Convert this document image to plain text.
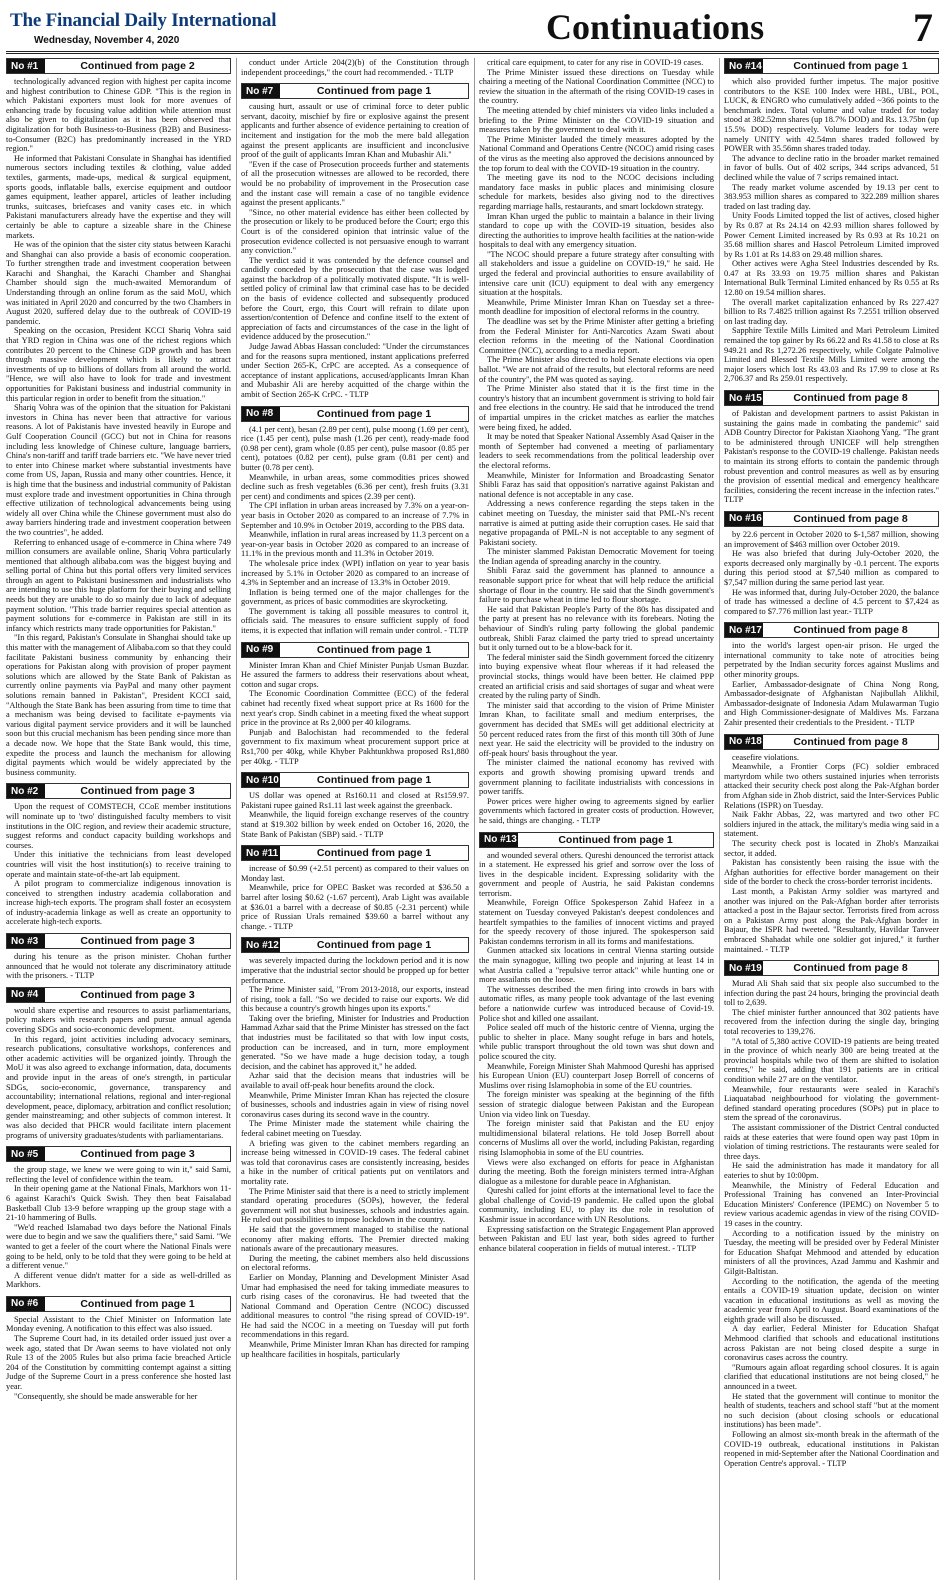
The Financial Daily International
Wednesday, November 4, 2020	Continuations	7
No #1	Continued from page 2

technologically advanced region with highest per capita income and highest contribution to Chinese GDP. "This is the region in which Pakistani exporters must look for more avenues of enhancing trade by focusing value addition while attention must also be given to digitalization as it has been observed that digitalization for both Business-to-Business (B2B) and Business-to-Consumer (B2C) has predominantly increased in the YRD region."

He informed that Pakistani Consulate in Shanghai has identified numerous sectors including textiles & clothing, value added textiles, garments, made-ups, medical & surgical equipment, sports goods, inflatable balls, exercise equipment and outdoor games equipment, leather apparel, articles of leather including trunks, suitcases, briefcases and vanity cases etc. in which Pakistani manufacturers already have the expertise and they will certainly be able to capture a sizeable share in the Chinese markets.

He was of the opinion that the sister city status between Karachi and Shanghai can also provide a basis of economic cooperation. To further strengthen trade and investment cooperation between Karachi and Shanghai, the Karachi Chamber and Shanghai Chamber should sign the much-awaited Memorandum of Understanding through an online forum as the said MoU, which was initiated in April 2020 and concurred by the two Chambers in August 2020, suffered delay due to the outbreak of COVID-19 pandemic.

Speaking on the occasion, President KCCI Shariq Vohra said that YRD region in China was one of the richest regions which contributes 20 percent to the Chinese GDP growth and has been through massive development which is likely to attract investments of up to billions of dollars from all around the world. "Hence, we will also have to look for trade and investment opportunities for Pakistani business and industrial community in this particular region in order to benefit from the situation."

Shariq Vohra was of the opinion that the situation for Pakistani investors in China has never been that attractive for various reasons. A lot of Pakistanis have invested heavily in Europe and Gulf Cooperation Council (GCC) but not in China for reasons including less knowledge of Chinese culture, language barriers, China's non-tariff and tariff trade barriers etc. "We have never tried to enter into Chinese market where substantial investments have come from US, Japan, Russia and many other countries. Hence, it is high time that the business and industrial community of Pakistan must explore trade and investment opportunities in China through effective utilization of technological advancements being using widely all over China while the Chinese government must also do away barriers hindering trade and investment cooperation between the two countries", he added.

Referring to enhanced usage of e-commerce in China where 749 million consumers are available online, Shariq Vohra particularly mentioned that although alibaba.com was the biggest buying and selling portal of China but this portal offers very limited services through an agent to Pakistani businessmen and industrialists who are intending to use this huge platform for their buying and selling needs but they are unable to do so mainly due to lack of adequate payment solution. "This trade barrier requires special attention as payment solutions for e-commerce in Pakistan are still in its infancy which restricts many trade opportunities for Pakistan."

"In this regard, Pakistan's Consulate in Shanghai should take up this matter with the management of Alibaba.com so that they could facilitate Pakistani business community by enhancing their operations for Pakistan along with provision of proper payment solutions which are allowed by the State Bank of Pakistan as currently online payments via PayPal and many other payment solutions remain banned in Pakistan", President KCCI said, "Although the State Bank has been assuring from time to time that a mechanism was being devised to facilitate e-payments via various digital payment service providers and it will be launched soon but this crucial mechanism has been pending since more than a decade now. We hope that the State Bank would, this time, expedite the process and launch the mechanism for allowing digital payments which would be widely appreciated by the business community.

No #2	Continued from page 3

Upon the request of COMSTECH, CCoE member institutions will nominate up to 'two' distinguished faculty members to visit institutions in the OIC region, and review their academic structure, suggest reforms and conduct capacity building workshops and courses.

Under this initiative the technicians from least developed countries will visit the host institution(s) to receive training to operate and maintain state-of-the-art lab equipment.

A pilot program to commercialize indigenous innovation is conceived to strengthen industry academia collaboration and increase high-tech exports. The program shall foster an ecosystem of industry-academia linkage as well as create an opportunity to accelerate high-tech exports.

No #3	Continued from page 3

during his tenure as the prison minister. Chohan further announced that he would not tolerate any discriminatory attitude with the prisoners. - TLTP

No #4	Continued from page 3

would share expertise and resources to assist parliamentarians, policy makers with research papers and pursue annual agenda covering SDGs and socio-economic development.

In this regard, joint activities including advocacy seminars, research publications, consultative workshops, conferences and other academic activities will be organized jointly. Through the MoU it was also agreed to exchange information, data, documents and provide input in the areas of one's strength, in particular SDGs, socio-economic, governance, transparency and accountability; international relations, regional and inter-regional development, peace, diplomacy, arbitration and conflict resolution; gender mainstreaming; and other subjects of common interest. It was also decided that PHCR would facilitate intern placement programs of university graduates/students with parliamentarians.

No #5	Continued from page 3

the group stage, we knew we were going to win it," said Sami, reflecting the level of confidence within the team.

In their opening game at the National Finals, Markhors won 11-6 against Karachi's Quick Swish. They then beat Faisalabad Basketball Club 13-9 before wrapping up the group stage with a 21-10 hammering of Bulls.

"We'd reached Islamabad two days before the National Finals were due to begin and we saw the qualifiers there," said Sami. "We wanted to get a feeler of the court where the National Finals were going to be held, only to be told that they were going to be held at a different venue."

A different venue didn't matter for a side as well-drilled as Markhors.

No #6	Continued from page 1

Special Assistant to the Chief Minister on Information late Monday evening. A notification to this effect was also issued.

The Supreme Court had, in its detailed order issued just over a week ago, stated that Dr Awan seems to have violated not only Rule 13 of the 2005 Rules but also prima facie breached Article 204 of the Constitution by committing contempt against a sitting Judge of the Supreme Court in a press conference she hosted last year.

"Consequently, she should be made answerable for her

conduct under Article 204(2)(b) of the Constitution through independent proceedings," the court had recommended. - TLTP

No #7	Continued from page 1

causing hurt, assault or use of criminal force to deter public servant, dacoity, mischief by fire or explosive against the present applicants and further absence of evidence pertaining to creation of incitement and instigation for the mob the mere bald allegation against the present applicants are insufficient and inconclusive proof of the guilt of applicants Imran Khan and Mubashir Ali."

"Even if the case of Prosecution proceeds further and statements of all the prosecution witnesses are allowed to be recorded, there would be no probability of improvement in the Prosecution case and the instant case will remain a case of no tangible evidence against the present applicants."

"Since, no other material evidence has either been collected by the prosecution or likely to be produced before the Court; ergo this Court is of the considered opinion that intrinsic value of the prosecution evidence collected is not persuasive enough to warrant any conviction."

The verdict said it was contended by the defence counsel and candidly conceded by the prosecution that the case was lodged against the backdrop of a politically motivated dispute. "It is well-settled policy of criminal law that criminal case has to be decided on the basis of evidence collected and subsequently produced before the Court, ergo, this Court will refrain to dilate upon assertion/contention of Defence and confine itself to the extent of appreciation of facts and circumstances of the case in the light of evidence adduced by the prosecution."

Judge Jawad Abbas Hassan concluded: "Under the circumstances and for the reasons supra mentioned, instant applications preferred under Section 265-K, CrPC are accepted. As a consequence of acceptance of instant applications, accused/applicants Imran Khan and Mubashir Ali are hereby acquitted of the charge within the ambit of Section 265-K CrPC. - TLTP

No #8	Continued from page 1

(4.1 per cent), besan (2.89 per cent), pulse moong (1.69 per cent), rice (1.45 per cent), pulse mash (1.26 per cent), ready-made food (0.98 per cent), gram whole (0.85 per cent), pulse masoor (0.85 per cent), potatoes (0.82 per cent), pulse gram (0.81 per cent) and butter (0.78 per cent).

Meanwhile, in urban areas, some commodities prices showed decline such as fresh vegetables (6.36 per cent), fresh fruits (3.31 per cent) and condiments and spices (2.39 per cent).

The CPI inflation in urban areas increased by 7.3% on a year-on-year basis in October 2020 as compared to an increase of 7.7% in September and 10.9% in October 2019, according to the PBS data.

Meanwhile, inflation in rural areas increased by 11.3 percent on a year-on-year basis in October 2020 as compared to an increase of 11.1% in the previous month and 11.3% in October 2019.

The wholesale price index (WPI) inflation on year to year basis increased by 5.1% in October 2020 as compared to an increase of 4.3% in September and an increase of 13.3% in October 2019.

Inflation is being termed one of the major challenges for the government, as prices of basic commodities are skyrocketing.

The government is taking all possible measures to control it, officials said. The measures to ensure sufficient supply of food items, it is expected that inflation will remain under control. - TLTP

No #9	Continued from page 1

Minister Imran Khan and Chief Minister Punjab Usman Buzdar. He assured the farmers to address their reservations about wheat, cotton and sugar crops.

The Economic Coordination Committee (ECC) of the federal cabinet had recently fixed wheat support price at Rs 1600 for the next year's crop. Sindh cabinet in a meeting fixed the wheat support price in the province at Rs 2,000 per 40 kilograms.

Punjab and Balochistan had recommended to the federal government to fix maximum wheat procurement support price at Rs1,700 per 40kg, while Khyber Pakhtunkhwa proposed Rs1,880 per 40kg. - TLTP

No #10	Continued from page 1

US dollar was opened at Rs160.11 and closed at Rs159.97. Pakistani rupee gained Rs1.11 last week against the greenback.

Meanwhile, the liquid foreign exchange reserves of the country stand at $19.302 billion by week ended on October 16, 2020, the State Bank of Pakistan (SBP) said. - TLTP

No #11	Continued from page 1

increase of $0.99 (+2.51 percent) as compared to their values on Monday last.

Meanwhile, price for OPEC Basket was recorded at $36.50 a barrel after losing $0.62 (-1.67 percent), Arab Light was available at $36.01 a barrel with a decrease of $0.85 (-2.31 percent) while price of Russian Urals remained $39.60 a barrel without any change. - TLTP

No #12	Continued from page 1

was severely impacted during the lockdown period and it is now imperative that the industrial sector should be propped up for better performance.

The Prime Minister said, "From 2013-2018, our exports, instead of rising, took a fall. "So we decided to raise our exports. We did this because a country's growth hinges upon its exports."

Taking over the briefing, Minister for Industries and Production Hammad Azhar said that the Prime Minister has stressed on the fact that industries must be facilitated so that with low input costs, production can be increased, and in turn, more employment generated. "So we have made a huge decision today, a tough decision, and the cabinet has approved it," he added.

Azhar said that the decision means that industries will be available to avail off-peak hour benefits around the clock.

Meanwhile, Prime Minister Imran Khan has rejected the closure of businesses, schools and industries again in view of rising novel coronavirus cases during its second wave in the country.

The Prime Minister made the statement while chairing the federal cabinet meeting on Tuesday.

A briefing was given to the cabinet members regarding an increase being witnessed in COVID-19 cases. The federal cabinet was told that coronavirus cases are consistently increasing, besides a hike in the number of critical patients put on ventilators and mortality rate.

The Prime Minister said that there is a need to strictly implement standard operating procedures (SOPs), however, the federal government will not shut businesses, schools and industries again. He ruled out possibilities to impose lockdown in the country.

He said that the government managed to stabilise the national economy after making efforts. The Premier directed making nationals aware of the precautionary measures.

During the meeting, the cabinet members also held discussions on electoral reforms.

Earlier on Monday, Planning and Development Minister Asad Umar had emphasised the need for taking immediate measures to curb rising cases of the coronavirus. He had tweeted that the National Command and Operation Centre (NCOC) discussed additional measures to control "the rising spread of COVID-19". He had said the NCOC in a meeting on Tuesday will put forth recommendations in this regard.

Meanwhile, Prime Minister Imran Khan has directed for ramping up healthcare facilities in hospitals, particularly

critical care equipment, to cater for any rise in COVID-19 cases.

The Prime Minister issued these directions on Tuesday while chairing a meeting of the National Coordination Committee (NCC) to review the situation in the aftermath of the rising COVID-19 cases in the country.

The meeting attended by chief ministers via video links included a briefing to the Prime Minister on the COVID-19 situation and measures taken by the government to deal with it.

The Prime Minister lauded the timely measures adopted by the National Command and Operations Centre (NCOC) amid rising cases of the virus as the meeting also approved the decisions announced by the top forum to deal with the COVID-19 situation in the country.

The meeting gave its nod to the NCOC decisions including mandatory face masks in public places and minimising closure schedule for markets, besides also giving nod to the directives regarding marriage halls, restaurants, and smart lockdown strategy.

Imran Khan urged the public to maintain a balance in their living standard to cope up with the COVID-19 situation, besides also directing the authorities to improve health facilities at the nation-wide hospitals to deal with any emergency situation.

"The NCOC should prepare a future strategy after consulting with all stakeholders and issue a guideline on COVID-19," he said. He urged the federal and provincial authorities to ensure availability of intensive care unit (ICU) equipment to deal with any emergency situation at the hospitals.

Meanwhile, Prime Minister Imran Khan on Tuesday set a three-month deadline for imposition of electoral reforms in the country.

The deadline was set by the Prime Minister after getting a briefing from the Federal Minister for Anti-Narcotics Azam Swati about election reforms in the meeting of the National Coordination Committee (NCC), according to a media report.

The Prime Minister also directed to hold Senate elections via open ballot. "We are not afraid of the results, but electoral reforms are need of the country", the PM was quoted as saying.

The Prime Minister also stated that it is the first time in the country's history that an incumbent government is striving to hold fair and free elections in the country. He said that he introduced the trend of impartial umpires in the cricket matches as earlier the matches were being fixed, he added.

It may be noted that Speaker National Assembly Asad Qaiser in the month of September had convened a meeting of parliamentary leaders to seek recommendations from the political leadership over the electoral reforms.

Meanwhile, Minister for Information and Broadcasting Senator Shibli Faraz has said that opposition's narrative against Pakistan and national defence is not acceptable in any case.

Addressing a news conference regarding the steps taken in the cabinet meeting on Tuesday, the minister said that PML-N's recent narrative is aimed at putting aside their corruption cases. He said that negative propaganda of PML-N is not acceptable to any segment of Pakistani society.

The minister slammed Pakistan Democratic Movement for toeing the Indian agenda of spreading anarchy in the country.

Shibli Faraz said the government has planned to announce a reasonable support price for wheat that will help reduce the artificial shortage of flour in the country. He said that the Sindh government's failure to purchase wheat in time led to flour shortage.

He said that Pakistan People's Party of the 80s has dissipated and the party at present has no relevance with its forebears. Noting the behaviour of Sindh's ruling party following the global pandemic outbreak, Shibli Faraz claimed the party tried to spread uncertainty but it only turned out to be a blow-back for it.

The federal minister said the Sindh government forced the citizenry into buying expensive wheat flour whereas if it had released the provincial stocks, things would have been better. He claimed PPP created an artificial crisis and said shortages of sugar and wheat were created by the ruling party of Sindh.

The minister said that according to the vision of Prime Minister Imran Khan, to facilitate small and medium enterprises, the government has decided that SMEs will get additional electricity at 50 percent reduced rates from the first of this month till 30th of June next year. He said the electricity will be provided to the industry on off-peak hours' basis throughout the year.

The minister claimed the national economy has revived with exports and growth showing promising upward trends and government planning to facilitate industrialists with concessions in power tariffs.

Power prices were higher owing to agreements signed by earlier governments which factored in greater costs of production. However, he said, things are changing. - TLTP

No #13	Continued from page 1

and wounded several others. Qureshi denounced the terrorist attack in a statement. He expressed his grief and sorrow over the loss of lives in the despicable incident. Expressing solidarity with the government and people of Austria, he said Pakistan condemns terrorism.

Meanwhile, Foreign Office Spokesperson Zahid Hafeez in a statement on Tuesday conveyed Pakistan's deepest condolences and heartfelt sympathies to the families of innocent victims and prayed for the speedy recovery of those injured. The spokesperson said Pakistan condemns terrorism in all its forms and manifestations.

Gunmen attacked six locations in central Vienna starting outside the main synagogue, killing two people and injuring at least 14 in what Austria called a "repulsive terror attack" while hunting one or more assailants on the loose.

The witnesses described the men firing into crowds in bars with automatic rifles, as many people took advantage of the last evening before a nationwide curfew was introduced because of Covid-19. Police shot and killed one assailant.

Police sealed off much of the historic centre of Vienna, urging the public to shelter in place. Many sought refuge in bars and hotels, while public transport throughout the old town was shut down and police scoured the city.

Meanwhile, Foreign Minister Shah Mahmood Qureshi has apprised his European Union (EU) counterpart Josep Borrell of concerns of Muslims over rising Islamophobia in some of the EU countries.

The foreign minister was speaking at the beginning of the fifth session of strategic dialogue between Pakistan and the European Union via video link on Tuesday.

The foreign minister said that Pakistan and the EU enjoy multidimensional bilateral relations. He told Josep Borrell about concerns of Muslims all over the world, including Pakistan, regarding rising Islamophobia in some of the EU countries.

Views were also exchanged on efforts for peace in Afghanistan during the meeting. Both the foreign ministers termed intra-Afghan dialogue as a milestone for durable peace in Afghanistan.

Qureshi called for joint efforts at the international level to face the global challenge of Covid-19 pandemic. He called upon the global community, including EU, to play its due role in resolution of Kashmir issue in accordance with UN Resolutions.

Expressing satisfaction on the Strategic Engagement Plan approved between Pakistan and EU last year, both sides agreed to further enhance bilateral cooperation in fields of mutual interest. - TLTP

No #14	Continued from page 1

which also provided further impetus. The major positive contributors to the KSE 100 Index were HBL, UBL, POL, LUCK, & ENGRO who cumulatively added ~366 points to the benchmark index. Total volume and value traded for today stood at 382.52mn shares (up 18.7% DOD) and Rs. 13.75bn (up 15.5% DOD) respectively. Volume leaders for today were namely UNITY with 42.54mn shares traded followed by POWER with 35.56mn shares traded today.

The advance to decline ratio in the broader market remained in favor of bulls. Out of 402 scrips, 344 scrips advanced, 51 declined while the value of 7 scrips remained intact.

The ready market volume ascended by 19.13 per cent to 383.953 million shares as compared to 322.289 million shares traded on last trading day.

Unity Foods Limited topped the list of actives, closed higher by Rs 0.87 at Rs 24.14 on 42.93 million shares followed by Power Cement Limited increased by Rs 0.93 at Rs 10.21 on 35.68 million shares and Hascol Petroleum Limited improved by Rs 1.01 at Rs 14.83 on 29.48 million shares.

Other actives were Agha Steel Industries descended by Rs. 0.47 at Rs 33.93 on 19.75 million shares and Pakistan International Bulk Terminal Limited enhanced by Rs 0.55 at Rs 12.80 on 19.54 million shares.

The overall market capitalization enhanced by Rs 227.427 billion to Rs 7.4825 trillion against Rs 7.2551 trillion observed on last trading day.

Sapphire Textile Mills Limited and Mari Petroleum Limited remained the top gainer by Rs 66.22 and Rs 41.58 to close at Rs 949.21 and Rs 1,272.26 respectively, while Colgate Palmolive Limited and Blessed Textile Mills Limited were among the major losers which lost Rs 43.03 and Rs 17.99 to close at Rs 2,706.37 and Rs 259.01 respectively.

No #15	Continued from page 8

of Pakistan and development partners to assist Pakistan in sustaining the gains made in combating the pandemic" said ADB Country Director for Pakistan Xiaohong Yang. "The grant to be administered through UNICEF will help strengthen Pakistan's response to the COVID-19 challenge. Pakistan needs to maintain its strong efforts to contain the pandemic through robust prevention and control measures as well as by ensuring the provision of essential medical and emergency healthcare facilities, considering the recent increase in the infection rates." TLTP

No #16	Continued from page 8

by 22.6 percent in October 2020 to $-1,587 million, showing an improvement of $463 million over October 2019.

He was also briefed that during July-October 2020, the exports decreased only marginally by -0.1 percent. The exports during this period stood at $7,540 million as compared to $7,547 million during the same period last year.

He was informed that, during July-October 2020, the balance of trade has witnessed a decline of 4.5 percent to $7,424 as compared to $7.776 million last year.- TLTP

No #17	Continued from page 8

into the world's largest open-air prison. He urged the international community to take note of atrocities being perpetrated by the Indian security forces against Muslims and other minority groups.

Earlier, Ambassador-designate of China Nong Rong, Ambassador-designate of Afghanistan Najibullah Alikhil, Ambassador-designate of Indonesia Adam Mulawarman Tugio and High Commissioner-designate of Maldives Ms. Farzana Zahir presented their credentials to the President. - TLTP

No #18	Continued from page 8

ceasefire violations.

Meanwhile, a Frontier Corps (FC) soldier embraced martyrdom while two others sustained injuries when terrorists attacked their security check post along the Pak-Afghan border from Afghan side in Zhob district, said the Inter-Services Public Relations (ISPR) on Tuesday.

Naik Fakhr Abbas, 22, was martyred and two other FC soldiers injured in the attack, the military's media wing said in a statement.

The security check post is located in Zhob's Manzaikai sector, it added.

Pakistan has consistently been raising the issue with the Afghan authorities for effective border management on their side of the border to check the cross-border terrorist incidents.

Last month, a Pakistan Army soldier was martyred and another was injured on the Pak-Afghan border after terrorists attacked a post in the Bajaur sector. Terrorists fired from across on a Pakistan Army post along the Pak-Afghan border in Bajaur, the ISPR had tweeted. "Resultantly, Havildar Tanveer embraced Shahadat while one soldier got injured," it further maintained. - TLTP

No #19	Continued from page 8

Murad Ali Shah said that six people also succumbed to the infection during the past 24 hours, bringing the provincial death toll to 2,639.

The chief minister further announced that 302 patients have recovered from the infection during the single day, bringing total recoveries to 139,276.

"A total of 5,380 active COVID-19 patients are being treated in the province of which nearly 300 are being treated at the provincial hospitals while two of them are shifted to isolation centres," he said, adding that 191 patients are in critical condition while 27 are on the ventilator.

Meanwhile, four restaurants were sealed in Karachi's Liaquatabad neighbourhood for violating the government-defined standard operating procedures (SOPs) put in place to stem the spread of the coronavirus.

The assistant commissioner of the District Central conducted raids at these eateries that were found open way past 10pm in violation of timing restrictions. The restaurants were sealed for three days.

He said the administration has made it mandatory for all eateries to shut by 10:00pm.

Meanwhile, the Ministry of Federal Education and Professional Training has convened an Inter-Provincial Education Ministers' Conference (IPEMC) on November 5 to review various academic agendas in view of the rising COVID-19 cases in the country.

According to a notification issued by the ministry on Tuesday, the meeting will be presided over by Federal Minister for Education Shafqat Mehmood and attended by education ministers of all the provinces, Azad Jammu and Kashmir and Gilgit-Baltistan.

According to the notification, the agenda of the meeting entails a COVID-19 situation update, decision on winter vacation in educational institutions as well as moving the academic year from April to August. Board examinations of the eighth grade will also be discussed.

A day earlier, Federal Minister for Education Shafqat Mehmood clarified that schools and educational institutions across Pakistan are not being closed despite a surge in coronavirus cases across the country.

"Rumours again afloat regarding school closures. It is again clarified that educational institutions are not being closed," he announced in a tweet.

He stated that the government will continue to monitor the health of students, teachers and school staff "but at the moment no such decision (about closing schools or educational institutions) has been made".

Following an almost six-month break in the aftermath of the COVID-19 outbreak, educational institutions in Pakistan reopened in mid-September after the National Coordination and Operation Centre's approval. - TLTP
